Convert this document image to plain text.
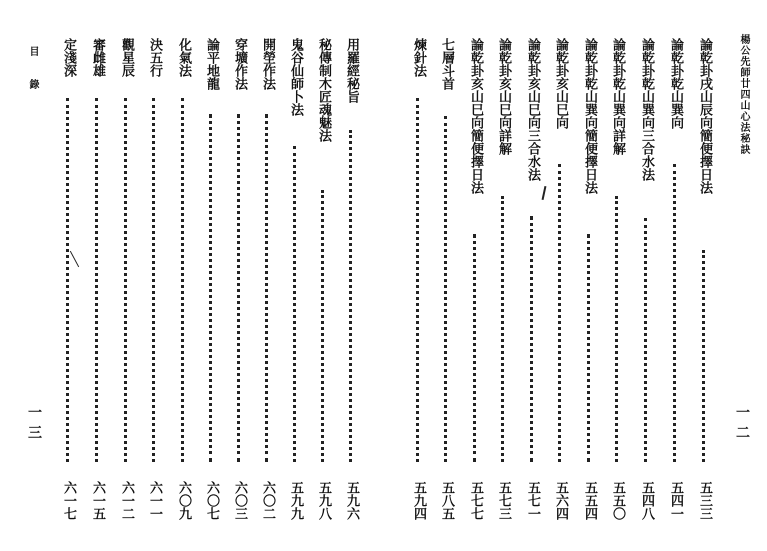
楊公先師廿四山心法秘訣
一二
目 錄
一三
論乾卦戌山辰向簡便擇日法
五三三
論乾卦乾山巽向
五四一
論乾卦乾山巽向三合水法
五四八
論乾卦乾山巽向詳解
五五〇
論乾卦乾山巽向簡便擇日法
五五四
論乾卦亥山巳向
五六四
論乾卦亥山巳向三合水法
五七一
論乾卦亥山巳向詳解
五七三
論乾卦亥山巳向簡便擇日法
五七七
七層斗首
五八五
煉針法
五九四
用羅經秘旨
五九六
秘傳制木匠魂魅法
五九八
鬼谷仙師卜法
五九九
開塋作法
六〇二
穿壙作法
六〇三
論平地龍
六〇七
化氣法
六〇九
決五行
六一一
觀星辰
六一二
審雌雄
六一五
定淺深
六一七
